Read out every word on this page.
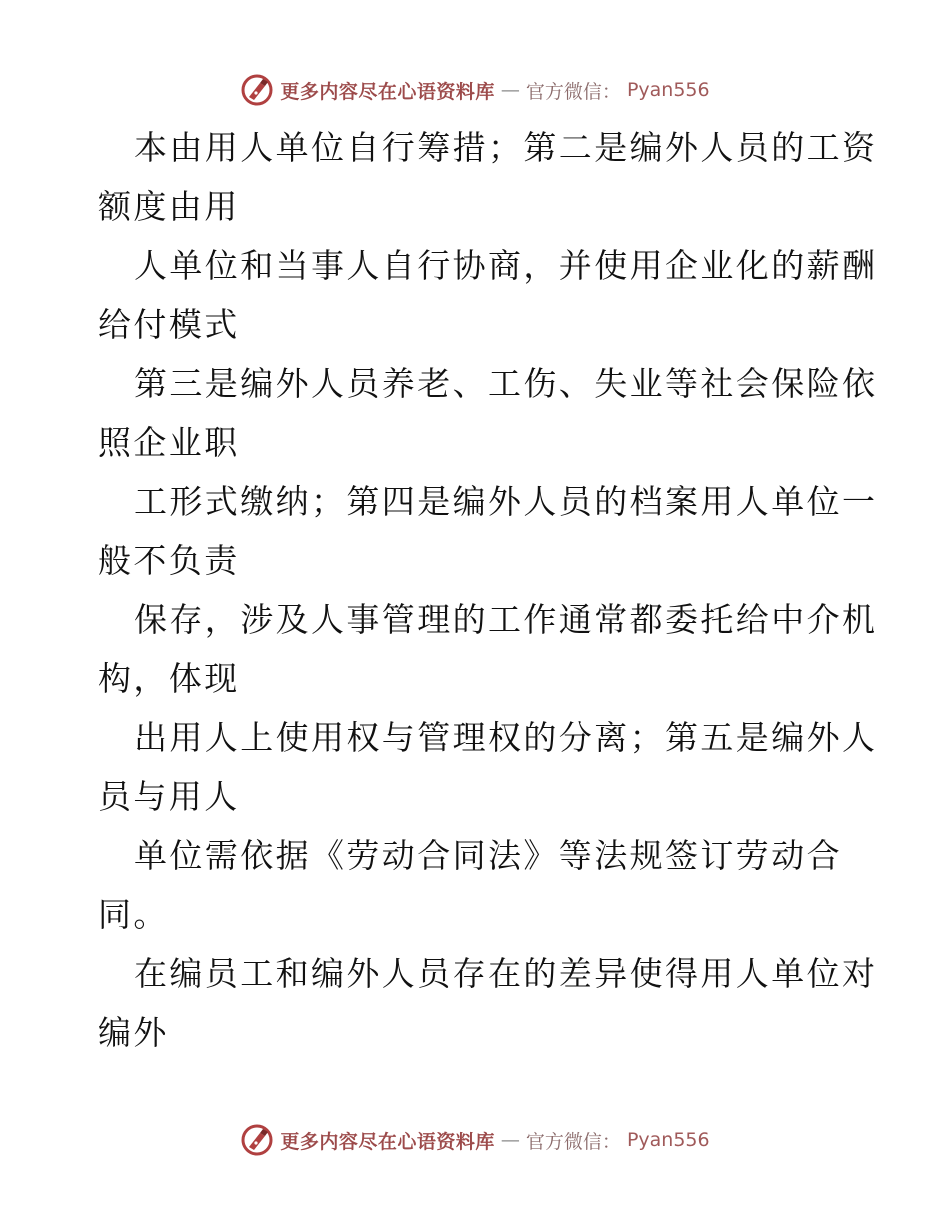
更多内容尽在心语资料库 — 官方微信： Pyan556

本由用人单位自行筹措；第二是编外人员的工资
额度由用

人单位和当事人自行协商，并使用企业化的薪酬
给付模式

第三是编外人员养老、工伤、失业等社会保险依
照企业职

工形式缴纳；第四是编外人员的档案用人单位一
般不负责

保存，涉及人事管理的工作通常都委托给中介机
构，体现

出用人上使用权与管理权的分离；第五是编外人
员与用人

单位需依据《劳动合同法》等法规签订劳动合
同。

在编员工和编外人员存在的差异使得用人单位对
编外

更多内容尽在心语资料库 — 官方微信： Pyan556
